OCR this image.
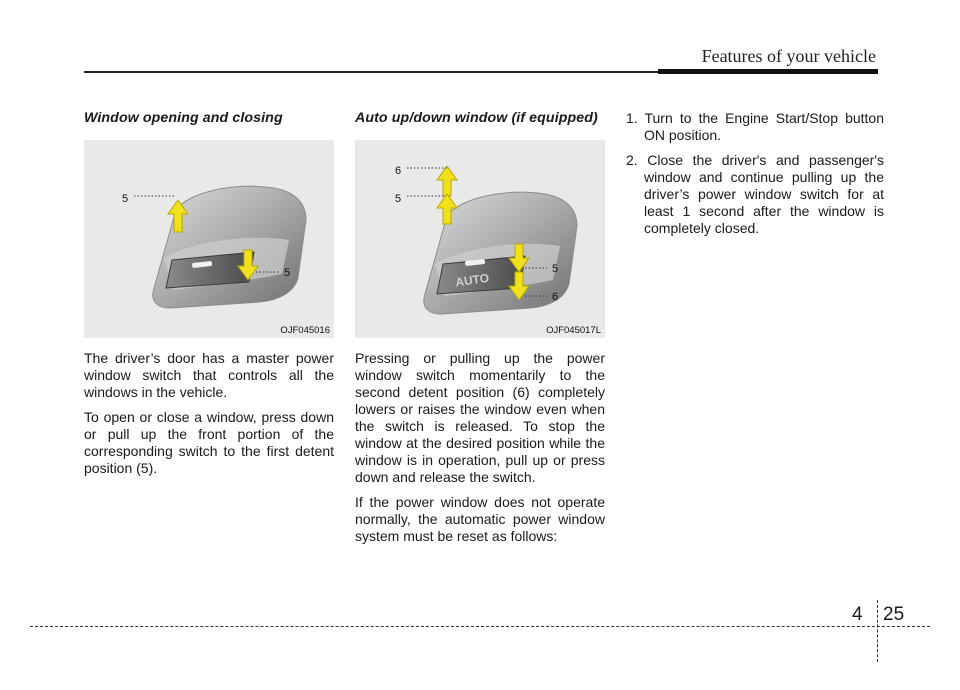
Features of your vehicle
Window opening and closing
5
5
OJF045016

The driver’s door has a master power window switch that controls all the windows in the vehicle.

To open or close a window, press down or pull up the front portion of the corresponding switch to the first detent position (5).

Auto up/down window (if equipped)
AUTO
6
5
5
6
OJF045017L

Pressing or pulling up the power window switch momentarily to the second detent position (6) completely lowers or raises the window even when the switch is released. To stop the window at the desired position while the window is in operation, pull up or press down and release the switch.

If the power window does not operate normally, the automatic power window system must be reset as follows:

1. Turn to the Engine Start/Stop button ON position.
2. Close the driver's and passenger's window and continue pulling up the driver’s power window switch for at least 1 second after the window is completely closed.
4 25
